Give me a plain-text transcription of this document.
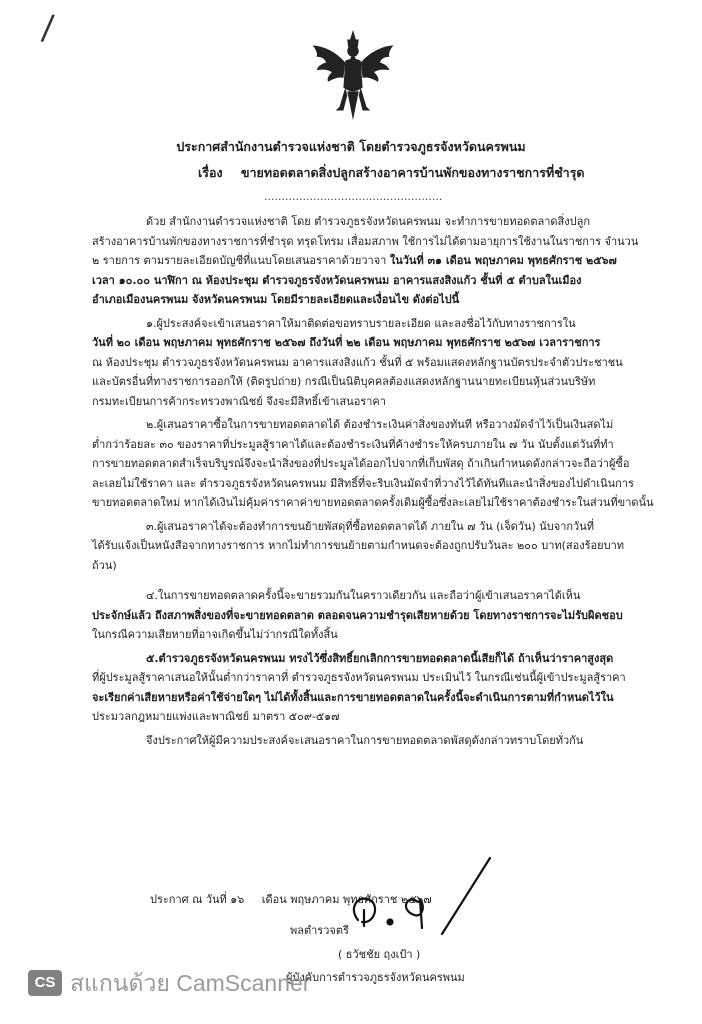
/
ประกาศสำนักงานตำรวจแห่งชาติ โดยตำรวจภูธรจังหวัดนครพนม
เรื่อง ขายทอดตลาดสิ่งปลูกสร้างอาคารบ้านพักของทางราชการที่ชำรุด
...................................................

ด้วย สำนักงานตำรวจแห่งชาติ โดย ตำรวจภูธรจังหวัดนครพนม จะทำการขายทอดตลาดสิ่งปลูก

สร้างอาคารบ้านพักของทางราชการที่ชำรุด ทรุดโทรม เสื่อมสภาพ ใช้การไม่ได้ตามอายุการใช้งานในราชการ จำนวน

๒ รายการ ตามรายละเอียดบัญชีที่แนบโดยเสนอราคาด้วยวาจา ในวันที่ ๓๑ เดือน พฤษภาคม พุทธศักราช ๒๕๖๗

เวลา ๑๐.๐๐ นาฬิกา ณ ห้องประชุม ตำรวจภูธรจังหวัดนครพนม อาคารแสงสิงแก้ว ชั้นที่ ๕ ตำบลในเมือง

อำเภอเมืองนครพนม จังหวัดนครพนม โดยมีรายละเอียดและเงื่อนไข ดังต่อไปนี้

๑.ผู้ประสงค์จะเข้าเสนอราคาให้มาติดต่อขอทราบรายละเอียด และลงชื่อไว้กับทางราชการใน

วันที่ ๒๐ เดือน พฤษภาคม พุทธศักราช ๒๕๖๗ ถึงวันที่ ๒๒ เดือน พฤษภาคม พุทธศักราช ๒๕๖๗ เวลาราชการ

ณ ห้องประชุม ตำรวจภูธรจังหวัดนครพนม อาคารแสงสิงแก้ว ชั้นที่ ๕ พร้อมแสดงหลักฐานบัตรประจำตัวประชาชน

และบัตรอื่นที่ทางราชการออกให้ (ติดรูปถ่าย) กรณีเป็นนิติบุคคลต้องแสดงหลักฐานนายทะเบียนหุ้นส่วนบริษัท

กรมทะเบียนการค้ากระทรวงพาณิชย์ จึงจะมีสิทธิ์เข้าเสนอราคา

๒.ผู้เสนอราคาซื้อในการขายทอดตลาดได้ ต้องชำระเงินค่าสิ่งของทันที หรือวางมัดจำไว้เป็นเงินสดไม่

ต่ำกว่าร้อยละ ๓๐ ของราคาที่ประมูลสู้ราคาได้และต้องชำระเงินที่ค้างชำระให้ครบภายใน ๗ วัน นับตั้งแต่วันที่ทำ

การขายทอดตลาดสำเร็จบริบูรณ์จึงจะนำสิ่งของที่ประมูลได้ออกไปจากที่เก็บพัสดุ ถ้าเกินกำหนดดังกล่าวจะถือว่าผู้ซื้อ

ละเลยไม่ใช้ราคา และ ตำรวจภูธรจังหวัดนครพนม มีสิทธิ์ที่จะริบเงินมัดจำที่วางไว้ได้ทันทีและนำสิ่งของไปดำเนินการ

ขายทอดตลาดใหม่ หากได้เงินไม่คุ้มค่าราคาค่าขายทอดตลาดครั้งเดิมผู้ซื้อซึ่งละเลยไม่ใช้ราคาต้องชำระในส่วนที่ขาดนั้น

๓.ผู้เสนอราคาได้จะต้องทำการขนย้ายพัสดุที่ซื้อทอดตลาดได้ ภายใน ๗ วัน (เจ็ดวัน) นับจากวันที่

ได้รับแจ้งเป็นหนังสือจากทางราชการ หากไม่ทำการขนย้ายตามกำหนดจะต้องถูกปรับวันละ ๒๐๐ บาท(สองร้อยบาท

ถ้วน)

๔.ในการขายทอดตลาดครั้งนี้จะขายรวมกันในคราวเดียวกัน และถือว่าผู้เข้าเสนอราคาได้เห็น

ประจักษ์แล้ว ถึงสภาพสิ่งของที่จะขายทอดตลาด ตลอดจนความชำรุดเสียหายด้วย โดยทางราชการจะไม่รับผิดชอบ

ในกรณีความเสียหายที่อาจเกิดขึ้นไม่ว่ากรณีใดทั้งสิ้น

๕.ตำรวจภูธรจังหวัดนครพนม ทรงไว้ซึ่งสิทธิ์ยกเลิกการขายทอดตลาดนี้เสียก็ได้ ถ้าเห็นว่าราคาสูงสุด

ที่ผู้ประมูลสู้ราคาเสนอให้นั้นต่ำกว่าราคาที่ ตำรวจภูธรจังหวัดนครพนม ประเมินไว้ ในกรณีเช่นนี้ผู้เข้าประมูลสู้ราคา

จะเรียกค่าเสียหายหรือค่าใช้จ่ายใดๆ ไม่ได้ทั้งสิ้นและการขายทอดตลาดในครั้งนี้จะดำเนินการตามที่กำหนดไว้ใน

ประมวลกฎหมายแพ่งและพาณิชย์ มาตรา ๕๐๙-๕๑๗

จึงประกาศให้ผู้มีความประสงค์จะเสนอราคาในการขายทอดตลาดพัสดุดังกล่าวทราบโดยทั่วกัน

ประกาศ ณ วันที่ ๑๖ เดือน พฤษภาคม พุทธศักราช ๒๕๖๗
พลตำรวจตรี
( ธวัชชัย ฤงเป้า )
ผู้บังคับการตำรวจภูธรจังหวัดนครพนม
CS สแกนด้วย CamScanner
